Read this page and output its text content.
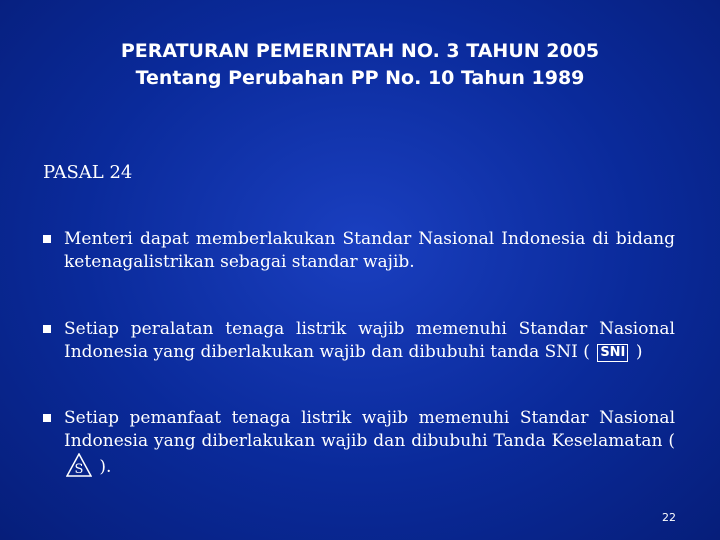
PERATURAN PEMERINTAH NO. 3 TAHUN 2005
Tentang Perubahan PP No. 10 Tahun 1989
PASAL 24
Menteri dapat memberlakukan Standar Nasional Indonesia di bidang ketenagalistrikan sebagai standar wajib.
Setiap peralatan tenaga listrik wajib memenuhi Standar Nasional Indonesia yang diberlakukan wajib dan dibubuhi tanda SNI ( SNI )
Setiap pemanfaat tenaga listrik wajib memenuhi Standar Nasional Indonesia yang diberlakukan wajib dan dibubuhi Tanda Keselamatan (
S ).
22
